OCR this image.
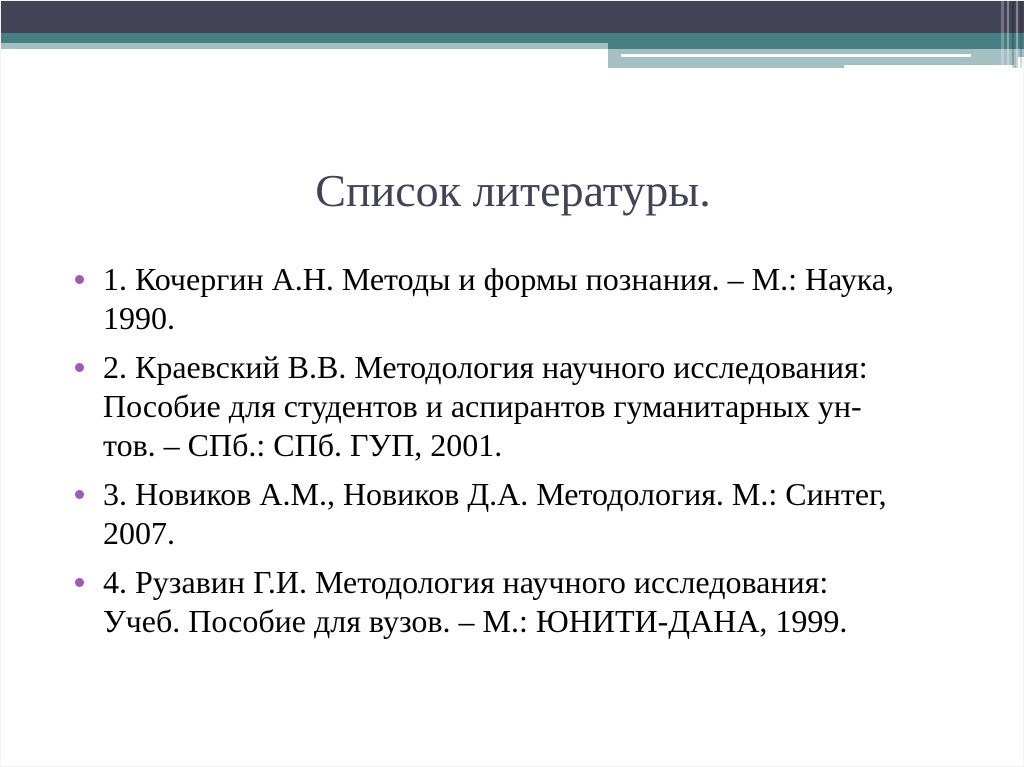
Список литературы.
1. Кочергин А.Н. Методы и формы познания. – М.: Наука,
1990.
2. Краевский В.В. Методология научного исследования:
Пособие для студентов и аспирантов гуманитарных ун-
тов. – СПб.: СПб. ГУП, 2001.
3. Новиков А.М., Новиков Д.А. Методология. М.: Синтег,
2007.
4. Рузавин Г.И. Методология научного исследования:
Учеб. Пособие для вузов. – М.: ЮНИТИ-ДАНА, 1999.
